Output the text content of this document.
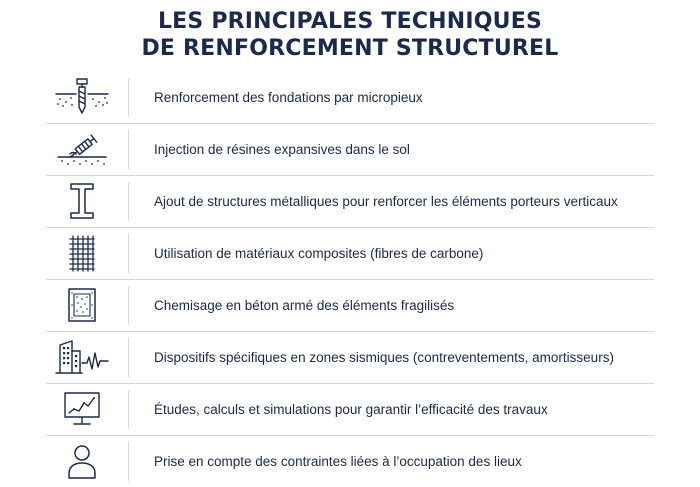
LES PRINCIPALES TECHNIQUES
DE RENFORCEMENT STRUCTUREL
Renforcement des fondations par micropieux
Injection de résines expansives dans le sol
Ajout de structures métalliques pour renforcer les éléments porteurs verticaux
Utilisation de matériaux composites (fibres de carbone)
Chemisage en béton armé des éléments fragilisés
Dispositifs spécifiques en zones sismiques (contreventements, amortisseurs)
Études, calculs et simulations pour garantir l’efficacité des travaux
Prise en compte des contraintes liées à l’occupation des lieux
